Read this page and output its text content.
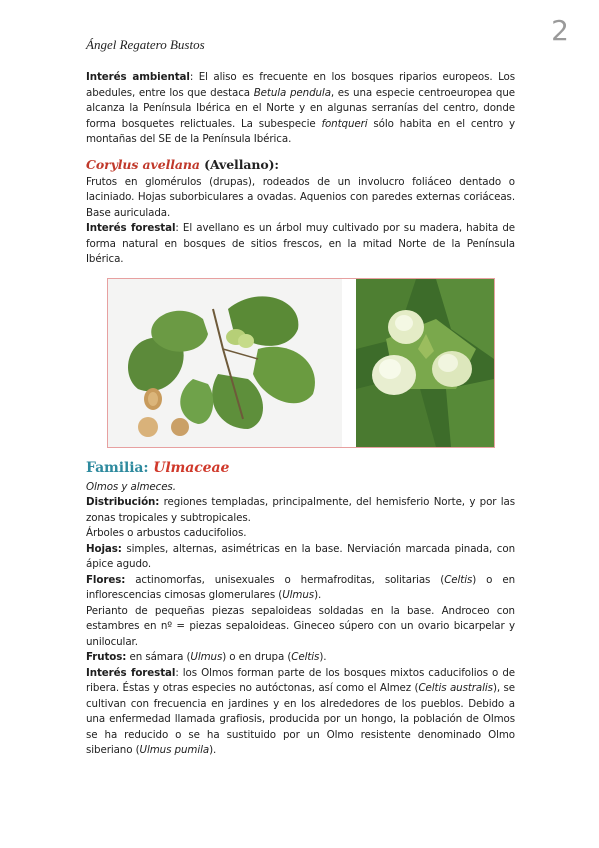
Ángel Regatero Bustos	2

Interés ambiental: El aliso es frecuente en los bosques riparios europeos. Los abedules, entre los que destaca Betula pendula, es una especie centroeuropea que alcanza la Península Ibérica en el Norte y en algunas serranías del centro, donde forma bosquetes relictuales. La subespecie fontqueri sólo habita en el centro y montañas del SE de la Península Ibérica.

Corylus avellana (Avellano):

Frutos en glomérulos (drupas), rodeados de un involucro foliáceo dentado o laciniado. Hojas suborbiculares a ovadas. Aquenios con paredes externas coriáceas. Base auriculada.

Interés forestal: El avellano es un árbol muy cultivado por su madera, habita de forma natural en bosques de sitios frescos, en la mitad Norte de la Península Ibérica.

Familia: Ulmaceae

Olmos y almeces.

Distribución: regiones templadas, principalmente, del hemisferio Norte, y por las zonas tropicales y subtropicales.

Árboles o arbustos caducifolios.

Hojas: simples, alternas, asimétricas en la base. Nerviación marcada pinada, con ápice agudo.

Flores: actinomorfas, unisexuales o hermafroditas, solitarias (Celtis) o en inflorescencias cimosas glomerulares (Ulmus).

Perianto de pequeñas piezas sepaloideas soldadas en la base. Androceo con estambres en nº = piezas sepaloideas. Gineceo súpero con un ovario bicarpelar y unilocular.

Frutos: en sámara (Ulmus) o en drupa (Celtis).

Interés forestal: los Olmos forman parte de los bosques mixtos caducifolios o de ribera. Éstas y otras especies no autóctonas, así como el Almez (Celtis australis), se cultivan con frecuencia en jardines y en los alrededores de los pueblos. Debido a una enfermedad llamada grafiosis, producida por un hongo, la población de Olmos se ha reducido o se ha sustituido por un Olmo resistente denominado Olmo siberiano (Ulmus pumila).
